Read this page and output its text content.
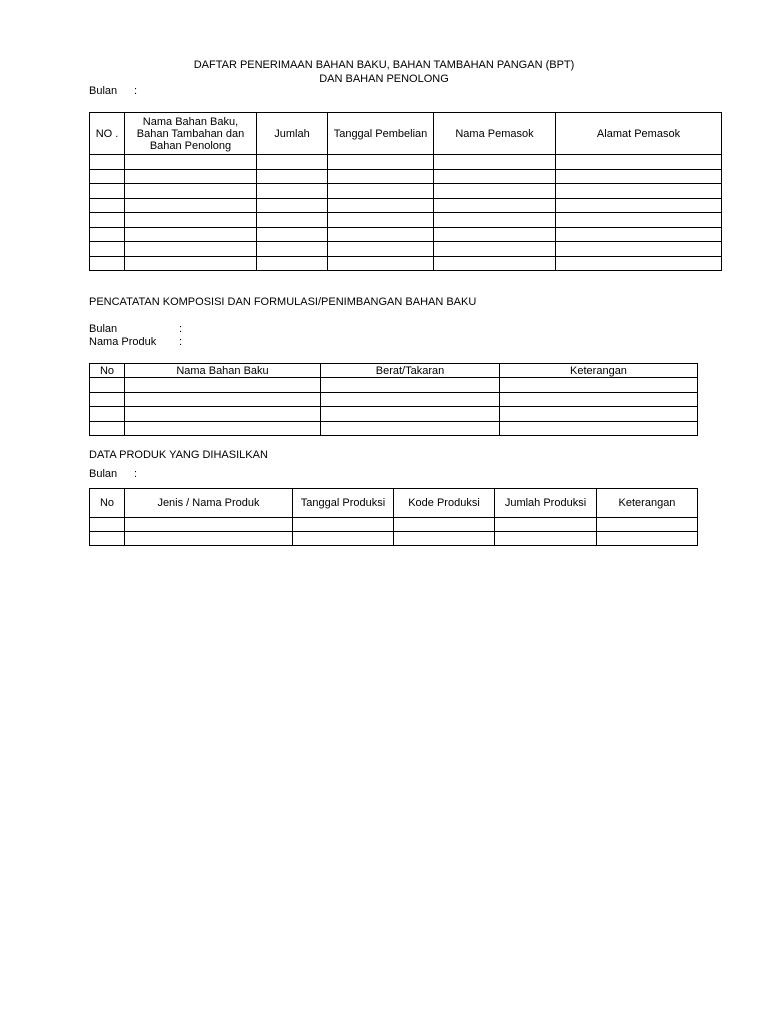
DAFTAR PENERIMAAN BAHAN BAKU, BAHAN TAMBAHAN PANGAN (BPT)
DAN BAHAN PENOLONG
Bulan :
NO .	Nama Bahan Baku, Bahan Tambahan dan Bahan Penolong	Jumlah	Tanggal Pembelian	Nama Pemasok	Alamat Pemasok

PENCATATAN KOMPOSISI DAN FORMULASI/PENIMBANGAN BAHAN BAKU
Bulan	:
Nama Produk :
No	Nama Bahan Baku	Berat/Takaran	Keterangan

DATA PRODUK YANG DIHASILKAN
Bulan :
No	Jenis / Nama Produk	Tanggal Produksi	Kode Produksi	Jumlah Produksi	Keterangan
